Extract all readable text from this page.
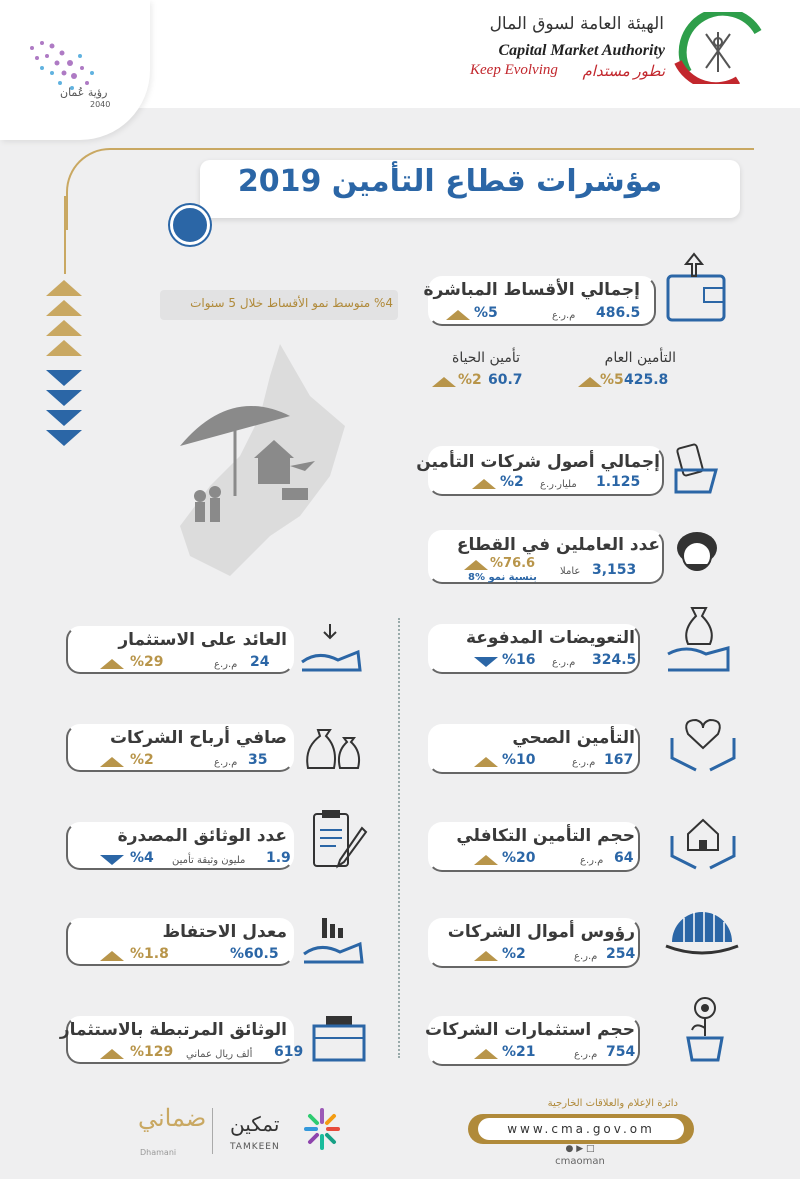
رؤية عُمان
2040
الهيئة العامة لسوق المال
Capital Market Authority
Keep Evolving نطور مستدام
مؤشرات قطاع التأمين 2019
%4 متوسط نمو الأقساط خلال 5 سنوات
إجمالي الأقساط المباشرة
486.5
م.ر.ع
%5
التأمين العام
425.8
%5
تأمين الحياة
60.7
%2
إجمالي أصول شركات التأمين
1.125
مليار.ر.ع
%2
عدد العاملين في القطاع
3,153
عاملا
%76.6
بنسبة نمو %8
التعويضات المدفوعة
324.5
م.ر.ع
%16
التأمين الصحي
167
م.ر.ع
%10
حجم التأمين التكافلي
64
م.ر.ع
%20
رؤوس أموال الشركات
254
م.ر.ع
%2
حجم استثمارات الشركات
754
م.ر.ع
%21
العائد على الاستثمار
24
م.ر.ع
%29
صافي أرباح الشركات
35
م.ر.ع
%2
عدد الوثائق المصدرة
1.9
مليون وثيقة تأمين
%4
معدل الاحتفاظ
%60.5
%1.8
الوثائق المرتبطة بالاستثمار
619
ألف ريال عماني
%129
دائرة الإعلام والعلاقات الخارجية
www.cma.gov.om
● ▶ □
cmaoman
تمكين
TAMKEEN
ضماني
Dhamani
